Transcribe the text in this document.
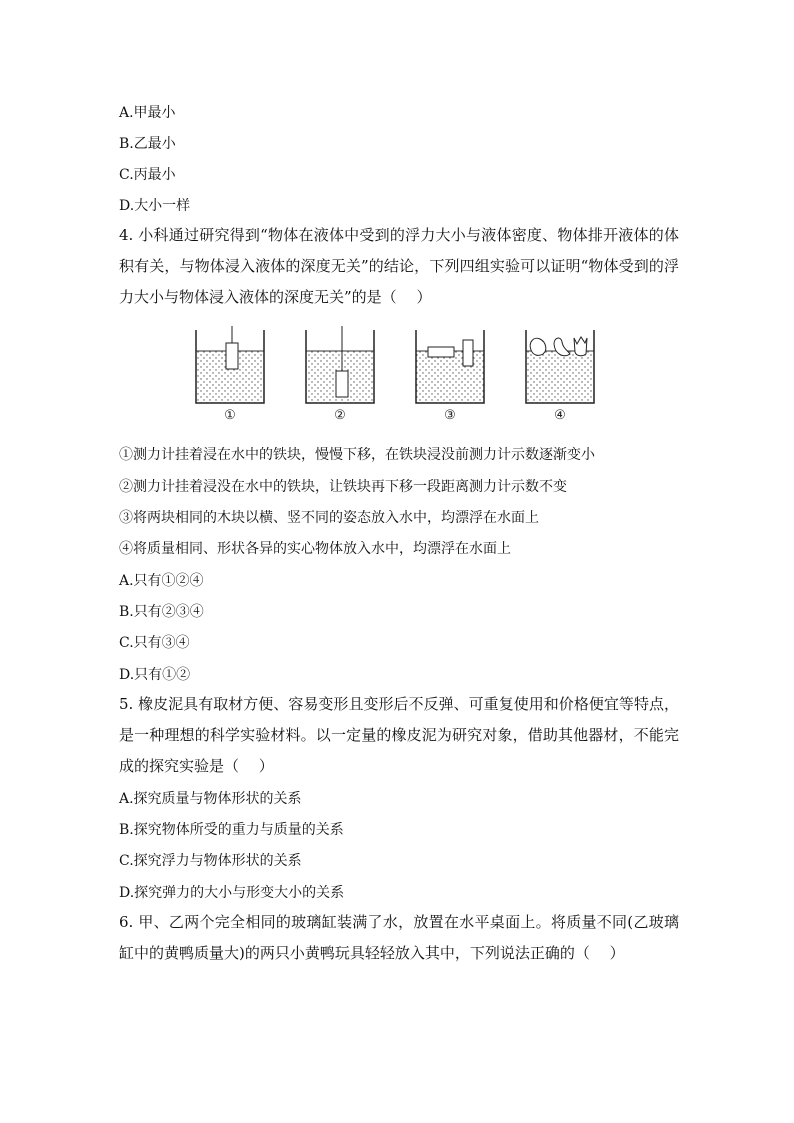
A.甲最小
B.乙最小
C.丙最小
D.大小一样
4. 小科通过研究得到“物体在液体中受到的浮力大小与液体密度、物体排开液体的体积有关，与物体浸入液体的深度无关”的结论，下列四组实验可以证明“物体受到的浮力大小与物体浸入液体的深度无关”的是（　 ）
①	②	③	④
①测力计挂着浸在水中的铁块，慢慢下移，在铁块浸没前测力计示数逐渐变小
②测力计挂着浸没在水中的铁块，让铁块再下移一段距离测力计示数不变
③将两块相同的木块以横、竖不同的姿态放入水中，均漂浮在水面上
④将质量相同、形状各异的实心物体放入水中，均漂浮在水面上
A.只有①②④
B.只有②③④
C.只有③④
D.只有①②
5. 橡皮泥具有取材方便、容易变形且变形后不反弹、可重复使用和价格便宜等特点，是一种理想的科学实验材料。以一定量的橡皮泥为研究对象，借助其他器材，不能完成的探究实验是（　 ）
A.探究质量与物体形状的关系
B.探究物体所受的重力与质量的关系
C.探究浮力与物体形状的关系
D.探究弹力的大小与形变大小的关系
6. 甲、乙两个完全相同的玻璃缸装满了水，放置在水平桌面上。将质量不同(乙玻璃缸中的黄鸭质量大)的两只小黄鸭玩具轻轻放入其中，下列说法正确的（　 ）
